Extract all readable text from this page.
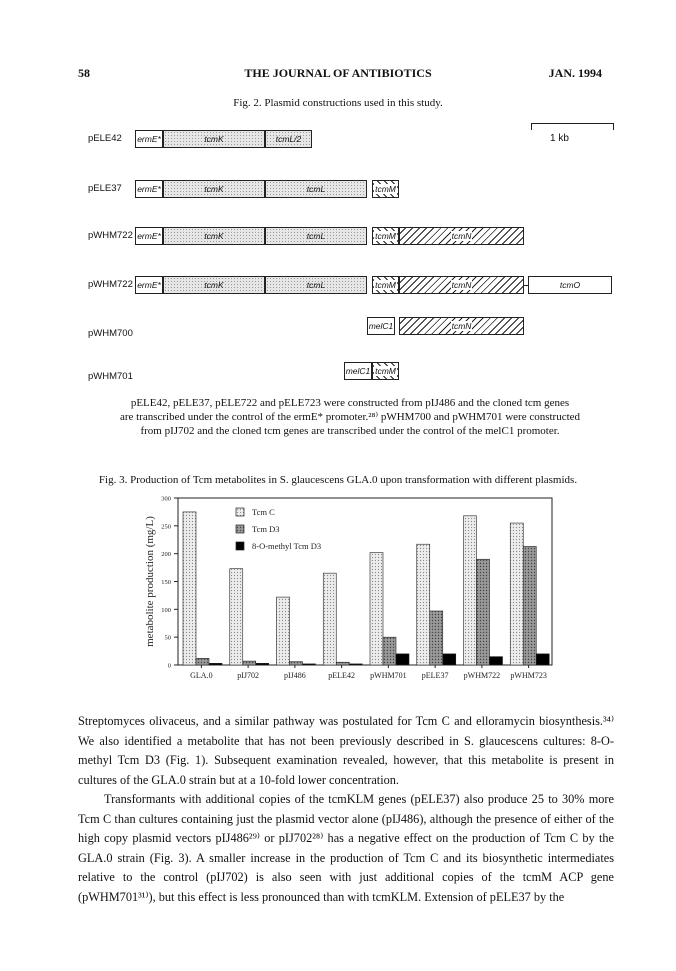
58	THE JOURNAL OF ANTIBIOTICS	JAN. 1994
Fig. 2. Plasmid constructions used in this study.
1 kb
pELE42 ermE*	tcmK	tcmL/2
pELE37 ermE*	tcmK	tcmL	tcmM
pWHM722 ermE*	tcmK	tcmL	tcmM	tcmN
pWHM722 ermE*	tcmK	tcmL	tcmM	tcmN	tcmO
pWHM700
melC1	tcmN
pWHM701	melC1 tcmM
pELE42, pELE37, pELE722 and pELE723 were constructed from pIJ486 and the cloned tcm genes
are transcribed under the control of the ermE* promoter.²⁸⁾ pWHM700 and pWHM701 were constructed
from pIJ702 and the cloned tcm genes are transcribed under the control of the melC1 promoter.
Fig. 3. Production of Tcm metabolites in S. glaucescens GLA.0 upon transformation with different plasmids.
0
50
100
150
200
250
300
metabolite production (mg/L)
GLA.0	pIJ702	pIJ486	pELE42 pWHM701 pELE37 pWHM722 pWHM723
Tcm C
Tcm D3
8-O-methyl Tcm D3

Streptomyces olivaceus, and a similar pathway was postulated for Tcm C and elloramycin biosynthesis.³⁴⁾ We also identified a metabolite that has not been previously described in S. glaucescens cultures: 8-O-methyl Tcm D3 (Fig. 1). Subsequent examination revealed, however, that this metabolite is present in cultures of the GLA.0 strain but at a 10-fold lower concentration.

Transformants with additional copies of the tcmKLM genes (pELE37) also produce 25 to 30% more Tcm C than cultures containing just the plasmid vector alone (pIJ486), although the presence of either of the high copy plasmid vectors pIJ486²⁹⁾ or pIJ702²⁸⁾ has a negative effect on the production of Tcm C by the GLA.0 strain (Fig. 3). A smaller increase in the production of Tcm C and its biosynthetic intermediates relative to the control (pIJ702) is also seen with just additional copies of the tcmM ACP gene (pWHM701³¹⁾), but this effect is less pronounced than with tcmKLM. Extension of pELE37 by the
